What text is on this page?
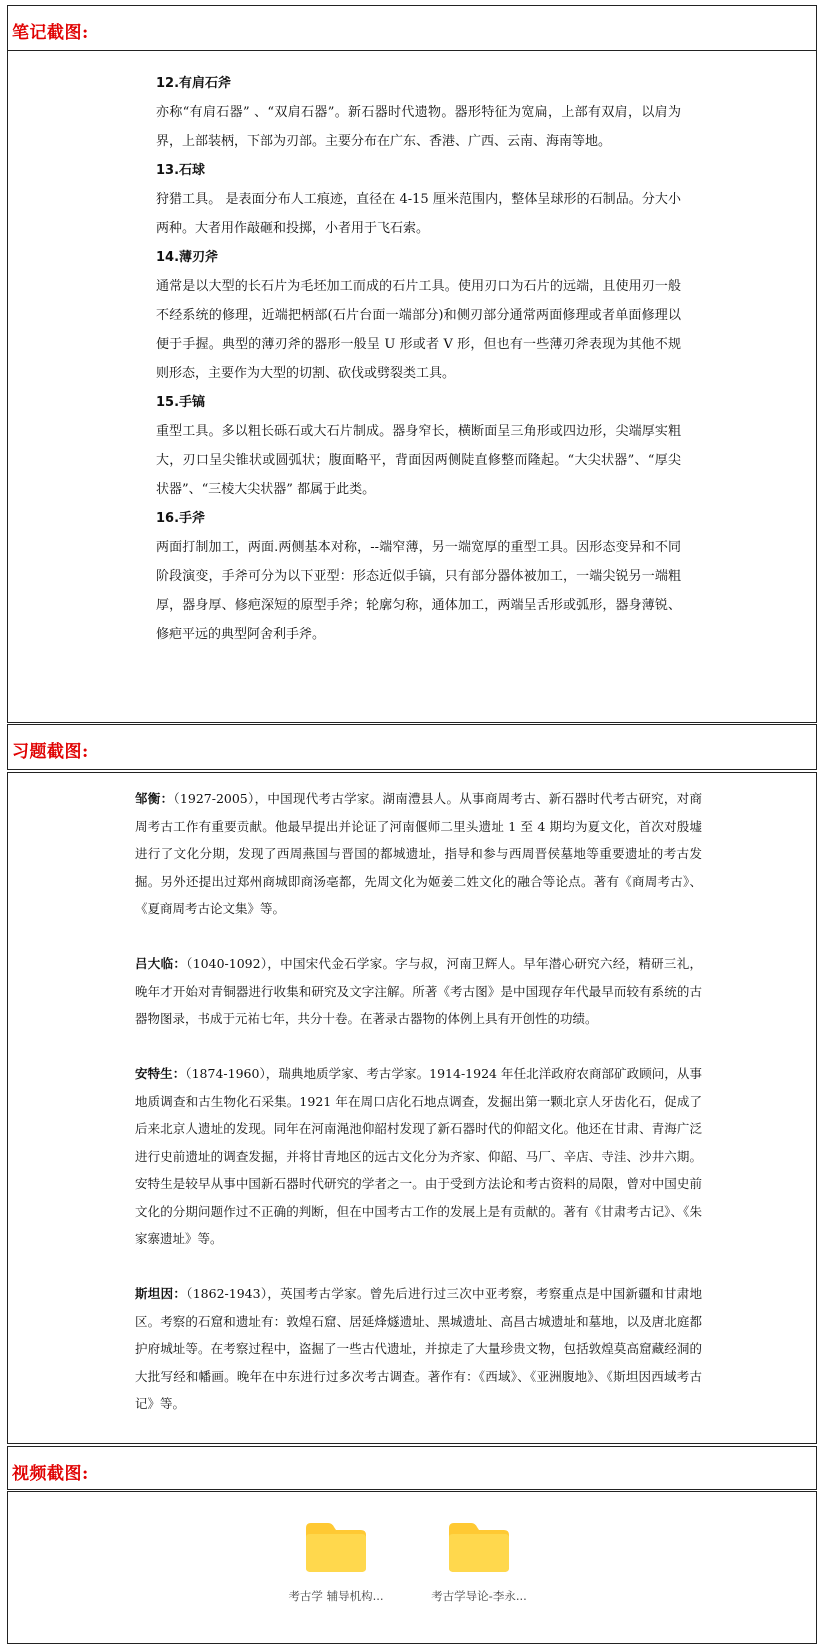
笔记截图:
12.有肩石斧

亦称“有肩石器” 、“双肩石器”。新石器时代遗物。器形特征为宽扁，上部有双肩，以肩为界，上部装柄，下部为刃部。主要分布在广东、香港、广西、云南、海南等地。

13.石球

狩猎工具。 是表面分布人工痕迹，直径在 4-15 厘米范围内，整体呈球形的石制品。分大小两种。大者用作敲砸和投掷，小者用于飞石索。

14.薄刃斧

通常是以大型的长石片为毛坯加工而成的石片工具。使用刃口为石片的远端，且使用刃一般不经系统的修理，近端把柄部(石片台面一端部分)和侧刃部分通常两面修理或者单面修理以便于手握。典型的薄刃斧的器形一般呈 U 形或者 V 形，但也有一些薄刃斧表现为其他不规则形态，主要作为大型的切割、砍伐或劈裂类工具。

15.手镐

重型工具。多以粗长砾石或大石片制成。器身窄长，横断面呈三角形或四边形，尖端厚实粗大，刃口呈尖锥状或圆弧状；腹面略平，背面因两侧陡直修整而隆起。“大尖状器”、“厚尖状器”、“三棱大尖状器” 都属于此类。

16.手斧

两面打制加工，两面.两侧基本对称，--端窄薄，另一端宽厚的重型工具。因形态变异和不同阶段演变，手斧可分为以下亚型：形态近似手镐，只有部分器体被加工，一端尖锐另一端粗厚，器身厚、修疤深短的原型手斧；轮廓匀称，通体加工，两端呈舌形或弧形，器身薄锐、修疤平远的典型阿舍利手斧。

习题截图:

邹衡：（1927-2005），中国现代考古学家。湖南澧县人。从事商周考古、新石器时代考古研究，对商周考古工作有重要贡献。他最早提出并论证了河南偃师二里头遗址 1 至 4 期均为夏文化，首次对殷墟进行了文化分期，发现了西周燕国与晋国的都城遗址，指导和参与西周晋侯墓地等重要遗址的考古发掘。另外还提出过郑州商城即商汤亳都，先周文化为姬姜二姓文化的融合等论点。著有《商周考古》、《夏商周考古论文集》等。

吕大临：（1040-1092），中国宋代金石学家。字与叔，河南卫辉人。早年潜心研究六经，精研三礼，晚年才开始对青铜器进行收集和研究及文字注解。所著《考古图》是中国现存年代最早而较有系统的古器物图录，书成于元祐七年，共分十卷。在著录古器物的体例上具有开创性的功绩。

安特生：（1874-1960），瑞典地质学家、考古学家。1914-1924 年任北洋政府农商部矿政顾问，从事地质调查和古生物化石采集。1921 年在周口店化石地点调查，发掘出第一颗北京人牙齿化石，促成了后来北京人遗址的发现。同年在河南渑池仰韶村发现了新石器时代的仰韶文化。他还在甘肃、青海广泛进行史前遗址的调查发掘，并将甘青地区的远古文化分为齐家、仰韶、马厂、辛店、寺洼、沙井六期。安特生是较早从事中国新石器时代研究的学者之一。由于受到方法论和考古资料的局限，曾对中国史前文化的分期问题作过不正确的判断，但在中国考古工作的发展上是有贡献的。著有《甘肃考古记》、《朱家寨遗址》等。

斯坦因：（1862-1943），英国考古学家。曾先后进行过三次中亚考察，考察重点是中国新疆和甘肃地区。考察的石窟和遗址有：敦煌石窟、居延烽燧遗址、黑城遗址、高昌古城遗址和墓地，以及唐北庭都护府城址等。在考察过程中，盗掘了一些古代遗址，并掠走了大量珍贵文物，包括敦煌莫高窟藏经洞的大批写经和幡画。晚年在中东进行过多次考古调查。著作有：《西域》、《亚洲腹地》、《斯坦因西域考古记》等。

视频截图:
考古学 辅导机构...	考古学导论-李永...
